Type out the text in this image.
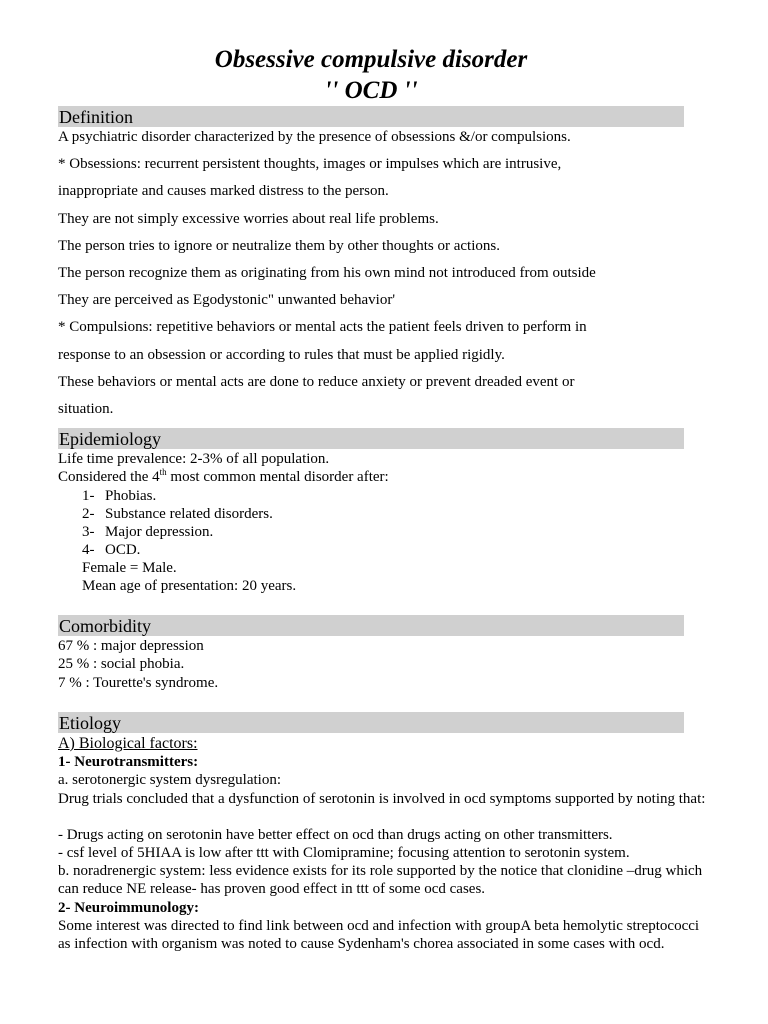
Obsessive compulsive disorder
'' OCD ''
Definition
A psychiatric disorder characterized by the presence of obsessions &/or compulsions.
* Obsessions: recurrent persistent thoughts, images or impulses which are intrusive,
inappropriate and causes marked distress to the person.
They are not simply excessive worries about real life problems.
The person tries to ignore or neutralize them by other thoughts or actions.
The person recognize them as originating from his own mind not introduced from outside
They are perceived as Egodystonic" unwanted behavior'
* Compulsions: repetitive behaviors or mental acts the patient feels driven to perform in
response to an obsession or according to rules that must be applied rigidly.
These behaviors or mental acts are done to reduce anxiety or prevent dreaded event or
situation.
Epidemiology
Life time prevalence: 2-3% of all population.
Considered the 4th most common mental disorder after:
1- Phobias.
2- Substance related disorders.
3- Major depression.
4- OCD.
Female = Male.
Mean age of presentation: 20 years.
Comorbidity
67 % : major depression
25 % : social phobia.
7 % : Tourette's syndrome.
Etiology
A) Biological factors:
1- Neurotransmitters:
a. serotonergic system dysregulation:
Drug trials concluded that a dysfunction of serotonin is involved in ocd symptoms supported by noting that:
- Drugs acting on serotonin have better effect on ocd than drugs acting on other transmitters.
- csf level of 5HIAA is low after ttt with Clomipramine; focusing attention to serotonin system.
b. noradrenergic system: less evidence exists for its role supported by the notice that clonidine –drug which can reduce NE release- has proven good effect in ttt of some ocd cases.
2- Neuroimmunology:
Some interest was directed to find link between ocd and infection with groupA beta hemolytic streptococci as infection with organism was noted to cause Sydenham's chorea associated in some cases with ocd.
